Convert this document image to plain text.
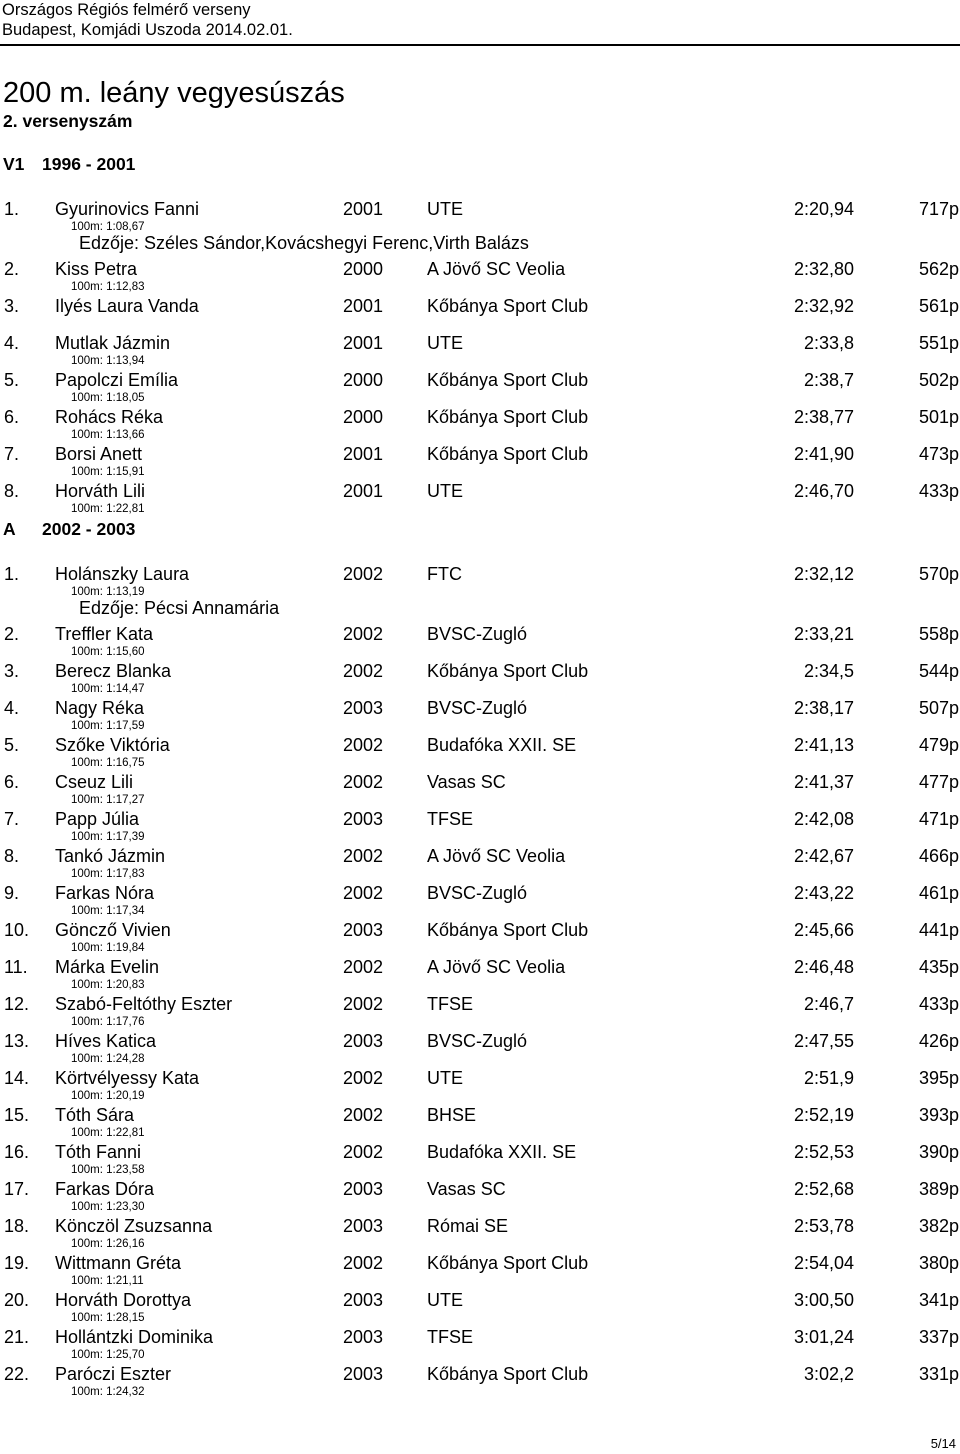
Országos Régiós felmérő verseny
Budapest, Komjádi Uszoda 2014.02.01.
200 m. leány vegyesúszás
2. versenyszám
V1 1996 - 2001
1. Gyurinovics Fanni	2001 UTE	2:20,94	717p
100m: 1:08,67
Edzője: Széles Sándor,Kovácshegyi Ferenc,Virth Balázs
2. Kiss Petra	2000 A Jövő SC Veolia	2:32,80	562p
100m: 1:12,83
3. Ilyés Laura Vanda	2001 Kőbánya Sport Club	2:32,92	561p
4. Mutlak Jázmin	2001 UTE	2:33,8	551p
100m: 1:13,94
5. Papolczi Emília	2000 Kőbánya Sport Club	2:38,7	502p
100m: 1:18,05
6. Rohács Réka	2000 Kőbánya Sport Club	2:38,77	501p
100m: 1:13,66
7. Borsi Anett	2001 Kőbánya Sport Club	2:41,90	473p
100m: 1:15,91
8. Horváth Lili	2001 UTE	2:46,70	433p
100m: 1:22,81
A 2002 - 2003
1. Holánszky Laura	2002 FTC	2:32,12	570p
100m: 1:13,19
Edzője: Pécsi Annamária
2. Treffler Kata	2002 BVSC-Zugló	2:33,21	558p
100m: 1:15,60
3. Berecz Blanka	2002 Kőbánya Sport Club	2:34,5	544p
100m: 1:14,47
4. Nagy Réka	2003 BVSC-Zugló	2:38,17	507p
100m: 1:17,59
5. Szőke Viktória	2002 Budafóka XXII. SE	2:41,13	479p
100m: 1:16,75
6. Cseuz Lili	2002 Vasas SC	2:41,37	477p
100m: 1:17,27
7. Papp Júlia	2003 TFSE	2:42,08	471p
100m: 1:17,39
8. Tankó Jázmin	2002 A Jövő SC Veolia	2:42,67	466p
100m: 1:17,83
9. Farkas Nóra	2002 BVSC-Zugló	2:43,22	461p
100m: 1:17,34
10. Göncző Vivien	2003 Kőbánya Sport Club	2:45,66	441p
100m: 1:19,84
11. Márka Evelin	2002 A Jövő SC Veolia	2:46,48	435p
100m: 1:20,83
12. Szabó-Feltóthy Eszter	2002 TFSE	2:46,7	433p
100m: 1:17,76
13. Híves Katica	2003 BVSC-Zugló	2:47,55	426p
100m: 1:24,28
14. Körtvélyessy Kata	2002 UTE	2:51,9	395p
100m: 1:20,19
15. Tóth Sára	2002 BHSE	2:52,19	393p
100m: 1:22,81
16. Tóth Fanni	2002 Budafóka XXII. SE	2:52,53	390p
100m: 1:23,58
17. Farkas Dóra	2003 Vasas SC	2:52,68	389p
100m: 1:23,30
18. Könczöl Zsuzsanna	2003 Római SE	2:53,78	382p
100m: 1:26,16
19. Wittmann Gréta	2002 Kőbánya Sport Club	2:54,04	380p
100m: 1:21,11
20. Horváth Dorottya	2003 UTE	3:00,50	341p
100m: 1:28,15
21. Hollántzki Dominika	2003 TFSE	3:01,24	337p
100m: 1:25,70
22. Paróczi Eszter	2003 Kőbánya Sport Club	3:02,2	331p
100m: 1:24,32
5/14
